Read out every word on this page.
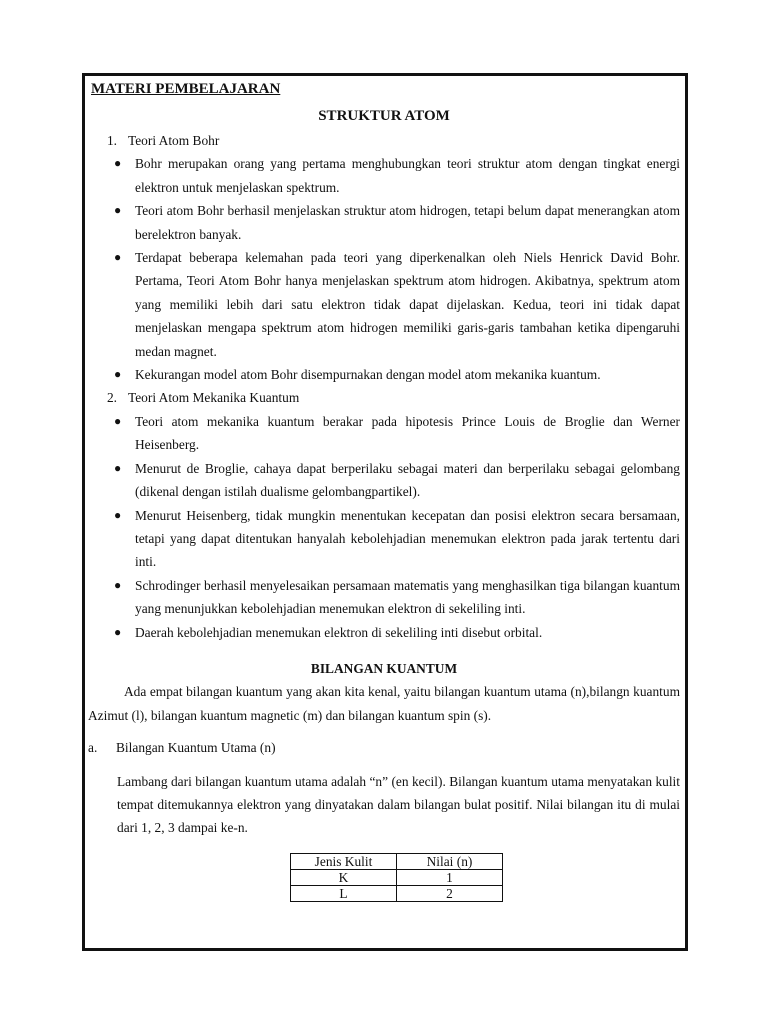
MATERI PEMBELAJARAN
STRUKTUR ATOM
1. Teori Atom Bohr
● Bohr merupakan orang yang pertama menghubungkan teori struktur atom dengan tingkat energi elektron untuk menjelaskan spektrum.
● Teori atom Bohr berhasil menjelaskan struktur atom hidrogen, tetapi belum dapat menerangkan atom berelektron banyak.
● Terdapat beberapa kelemahan pada teori yang diperkenalkan oleh Niels Henrick David Bohr. Pertama, Teori Atom Bohr hanya menjelaskan spektrum atom hidrogen. Akibatnya, spektrum atom yang memiliki lebih dari satu elektron tidak dapat dijelaskan. Kedua, teori ini tidak dapat menjelaskan mengapa spektrum atom hidrogen memiliki garis-garis tambahan ketika dipengaruhi medan magnet.
● Kekurangan model atom Bohr disempurnakan dengan model atom mekanika kuantum.
2. Teori Atom Mekanika Kuantum
● Teori atom mekanika kuantum berakar pada hipotesis Prince Louis de Broglie dan Werner Heisenberg.
● Menurut de Broglie, cahaya dapat berperilaku sebagai materi dan berperilaku sebagai gelombang (dikenal dengan istilah dualisme gelombangpartikel).
● Menurut Heisenberg, tidak mungkin menentukan kecepatan dan posisi elektron secara bersamaan, tetapi yang dapat ditentukan hanyalah kebolehjadian menemukan elektron pada jarak tertentu dari inti.
● Schrodinger berhasil menyelesaikan persamaan matematis yang menghasilkan tiga bilangan kuantum yang menunjukkan kebolehjadian menemukan elektron di sekeliling inti.
● Daerah kebolehjadian menemukan elektron di sekeliling inti disebut orbital.
BILANGAN KUANTUM

Ada empat bilangan kuantum yang akan kita kenal, yaitu bilangan kuantum utama (n),bilangn kuantum Azimut (l), bilangan kuantum magnetic (m) dan bilangan kuantum spin (s).

a.	Bilangan Kuantum Utama (n)
Lambang dari bilangan kuantum utama adalah “n” (en kecil). Bilangan kuantum utama menyatakan kulit tempat ditemukannya elektron yang dinyatakan dalam bilangan bulat positif. Nilai bilangan itu di mulai dari 1, 2, 3 dampai ke-n.
Jenis Kulit	Nilai (n)
K	1
L	2
